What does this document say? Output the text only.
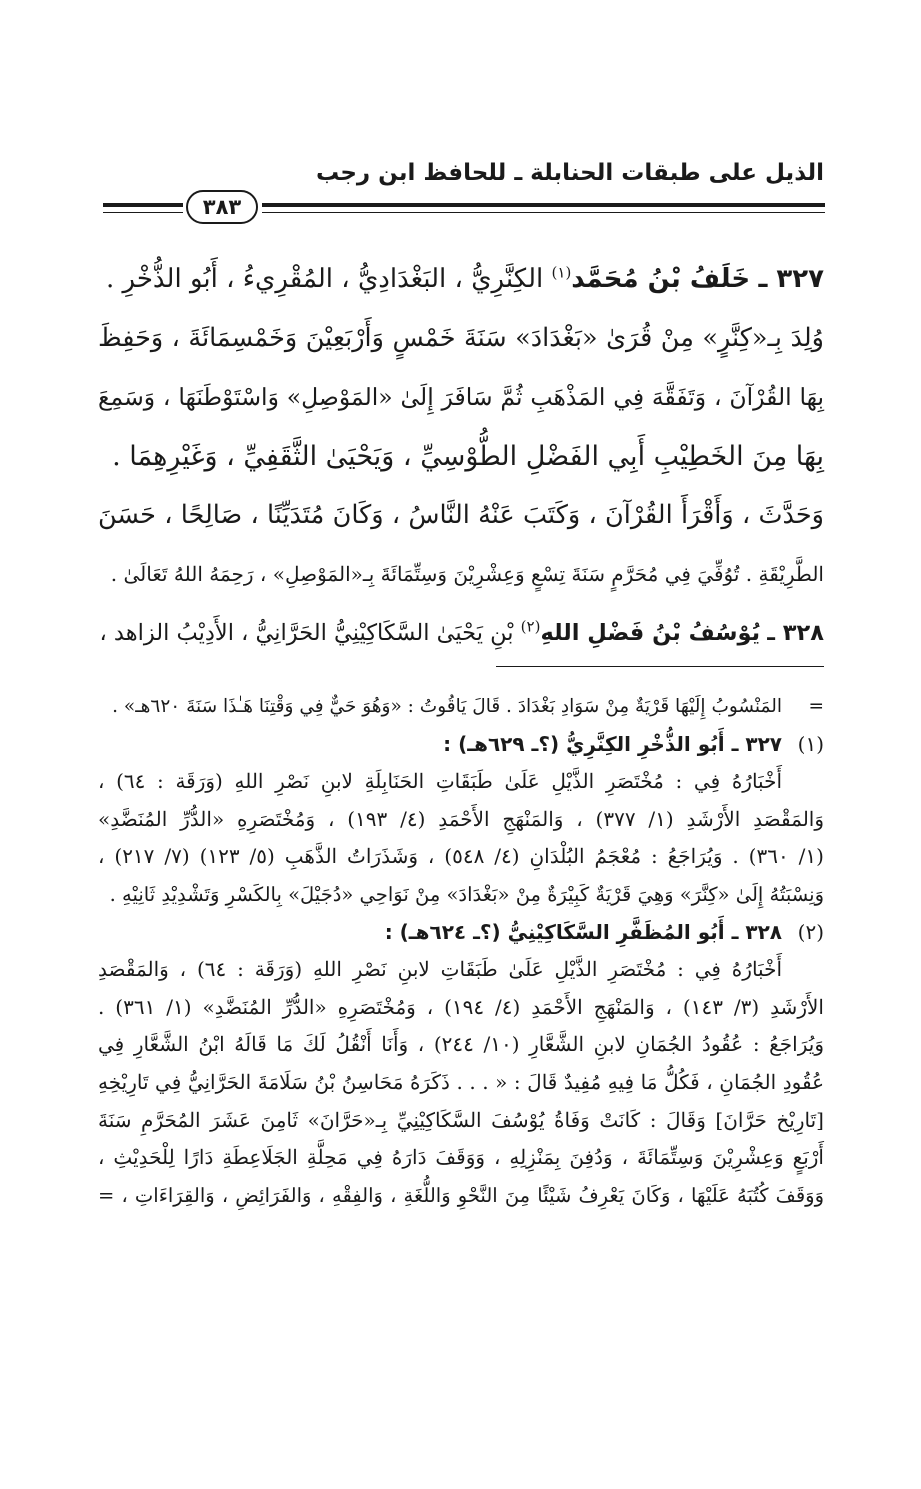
الذيل على طبقات الحنابلة ـ للحافظ ابن رجب
٣٨٣
٣٢٧ ـ خَلَفُ بْنُ مُحَمَّد$^{(١)}$ الكِنَّرِيُّ ، البَغْدَادِيُّ ، المُقْرِيءُ ، أَبُو الذُّخْرِ .
وُلِدَ بِـ«كِنَّرٍ» مِنْ قُرَىٰ «بَغْدَادَ» سَنَةَ خَمْسٍ وَأَرْبَعِيْنَ وَخَمْسِمَائَةَ ، وَحَفِظَ
بِهَا القُرْآنَ ، وَتَفَقَّهَ فِي المَذْهَبِ ثُمَّ سَافَرَ إِلَىٰ «المَوْصِلِ» وَاسْتَوْطَنَهَا ، وَسَمِعَ
بِهَا مِنَ الخَطِيْبِ أَبِي الفَضْلِ الطُّوْسِيِّ ، وَيَحْيَىٰ الثَّقَفِيِّ ، وَغَيْرِهِمَا .
وَحَدَّثَ ، وَأَقْرَأَ القُرْآنَ ، وَكَتَبَ عَنْهُ النَّاسُ ، وَكَانَ مُتَدَيِّنًا ، صَالِحًا ، حَسَنَ
الطَّرِيْقَةِ . تُوُفِّيَ فِي مُحَرَّمٍ سَنَةَ تِسْعٍ وَعِشْرِيْنَ وَسِتِّمَائَةَ بِـ«المَوْصِلِ» ، رَحِمَهُ اللهُ تَعَالَىٰ .
٣٢٨ ـ يُوْسُفُ بْنُ فَضْلِ اللهِ$^{(٢)}$ بْنِ يَحْيَىٰ السَّكَاكِيْنِيُّ الحَرَّانِيُّ ، الأَدِيْبُ الزاهد ،
=المَنْسُوبُ إِلَيْهَا قَرْيَةٌ مِنْ سَوَادِ بَغْدَادَ . قَالَ يَاقُوتُ : «وَهُوَ حَيٌّ فِي وَقْتِنَا هَـٰذَا سَنَةَ ٦٢٠هـ» .
(١)٣٢٧ ـ أَبُو الذُّخْرِ الكِنَّرِيُّ (؟ـ ٦٢٩هـ) :
أَخْبَارُهُ فِي : مُخْتَصَرِ الذَّيْلِ عَلَىٰ طَبَقَاتِ الحَنَابِلَةِ لابنِ نَصْرِ اللهِ (وَرَقَة : ٦٤) ،
وَالمَقْصَدِ الأَرْشَدِ (١/ ٣٧٧) ، وَالمَنْهَجِ الأَحْمَدِ (٤/ ١٩٣) ، وَمُخْتَصَرِهِ «الدُّرِّ المُنَضَّدِ»
(١/ ٣٦٠) . وَيُرَاجَعُ : مُعْجَمُ البُلْدَانِ (٤/ ٥٤٨) ، وَشَذَرَاتُ الذَّهَبِ (٥/ ١٢٣) (٧/ ٢١٧) ،
وَنِسْبَتُهُ إِلَىٰ «كِنَّرَ» وَهِيَ قَرْيَةٌ كَبِيْرَةٌ مِنْ «بَغْدَادَ» مِنْ نَوَاحِي «دُجَيْلَ» بِالكَسْرِ وَتَشْدِيْدِ ثَانِيْهِ .
(٢)٣٢٨ ـ أَبُو المُظَفَّرِ السَّكَاكِيْنِيُّ (؟ـ ٦٢٤هـ) :
أَخْبَارُهُ فِي : مُخْتَصَرِ الذَّيْلِ عَلَىٰ طَبَقَاتِ لابنِ نَصْرِ اللهِ (وَرَقَة : ٦٤) ، وَالمَقْصَدِ
الأَرْشَدِ (٣/ ١٤٣) ، وَالمَنْهَجِ الأَحْمَدِ (٤/ ١٩٤) ، وَمُخْتَصَرِهِ «الدُّرِّ المُنَضَّدِ» (١/ ٣٦١) .
وَيُرَاجَعُ : عُقُودُ الجُمَانِ لابنِ الشَّعَّارِ (١٠/ ٢٤٤) ، وَأَنَا أَنْقُلُ لَكَ مَا قَالَهُ ابْنُ الشَّعَّارِ فِي
عُقُودِ الجُمَانِ ، فَكُلُّ مَا فِيهِ مُفِيدٌ قَالَ : « . . . ذَكَرَهُ مَحَاسِنُ بْنُ سَلَامَةَ الحَرَّانِيُّ فِي تَارِيْخِهِ
[تَارِيْخ حَرَّانَ] وَقَالَ : كَانَتْ وَفَاةُ يُوْسُفَ السَّكَاكِيْنِيِّ بِـ«حَرَّانَ» ثَامِنَ عَشَرَ المُحَرَّمِ سَنَةَ
أَرْبَعٍ وَعِشْرِيْنَ وَسِتِّمَائَةَ ، وَدُفِنَ بِمَنْزِلِهِ ، وَوَقَفَ دَارَهُ فِي مَحِلَّةِ الجَلَاعِطَةِ دَارًا لِلْحَدِيْثِ ،
وَوَقَفَ كُتُبَهُ عَلَيْهَا ، وَكَانَ يَعْرِفُ شَيْئًا مِنَ النَّحْوِ وَاللُّغَةِ ، وَالفِقْهِ ، وَالفَرَائِضِ ، وَالقِرَاءَاتِ ، =
